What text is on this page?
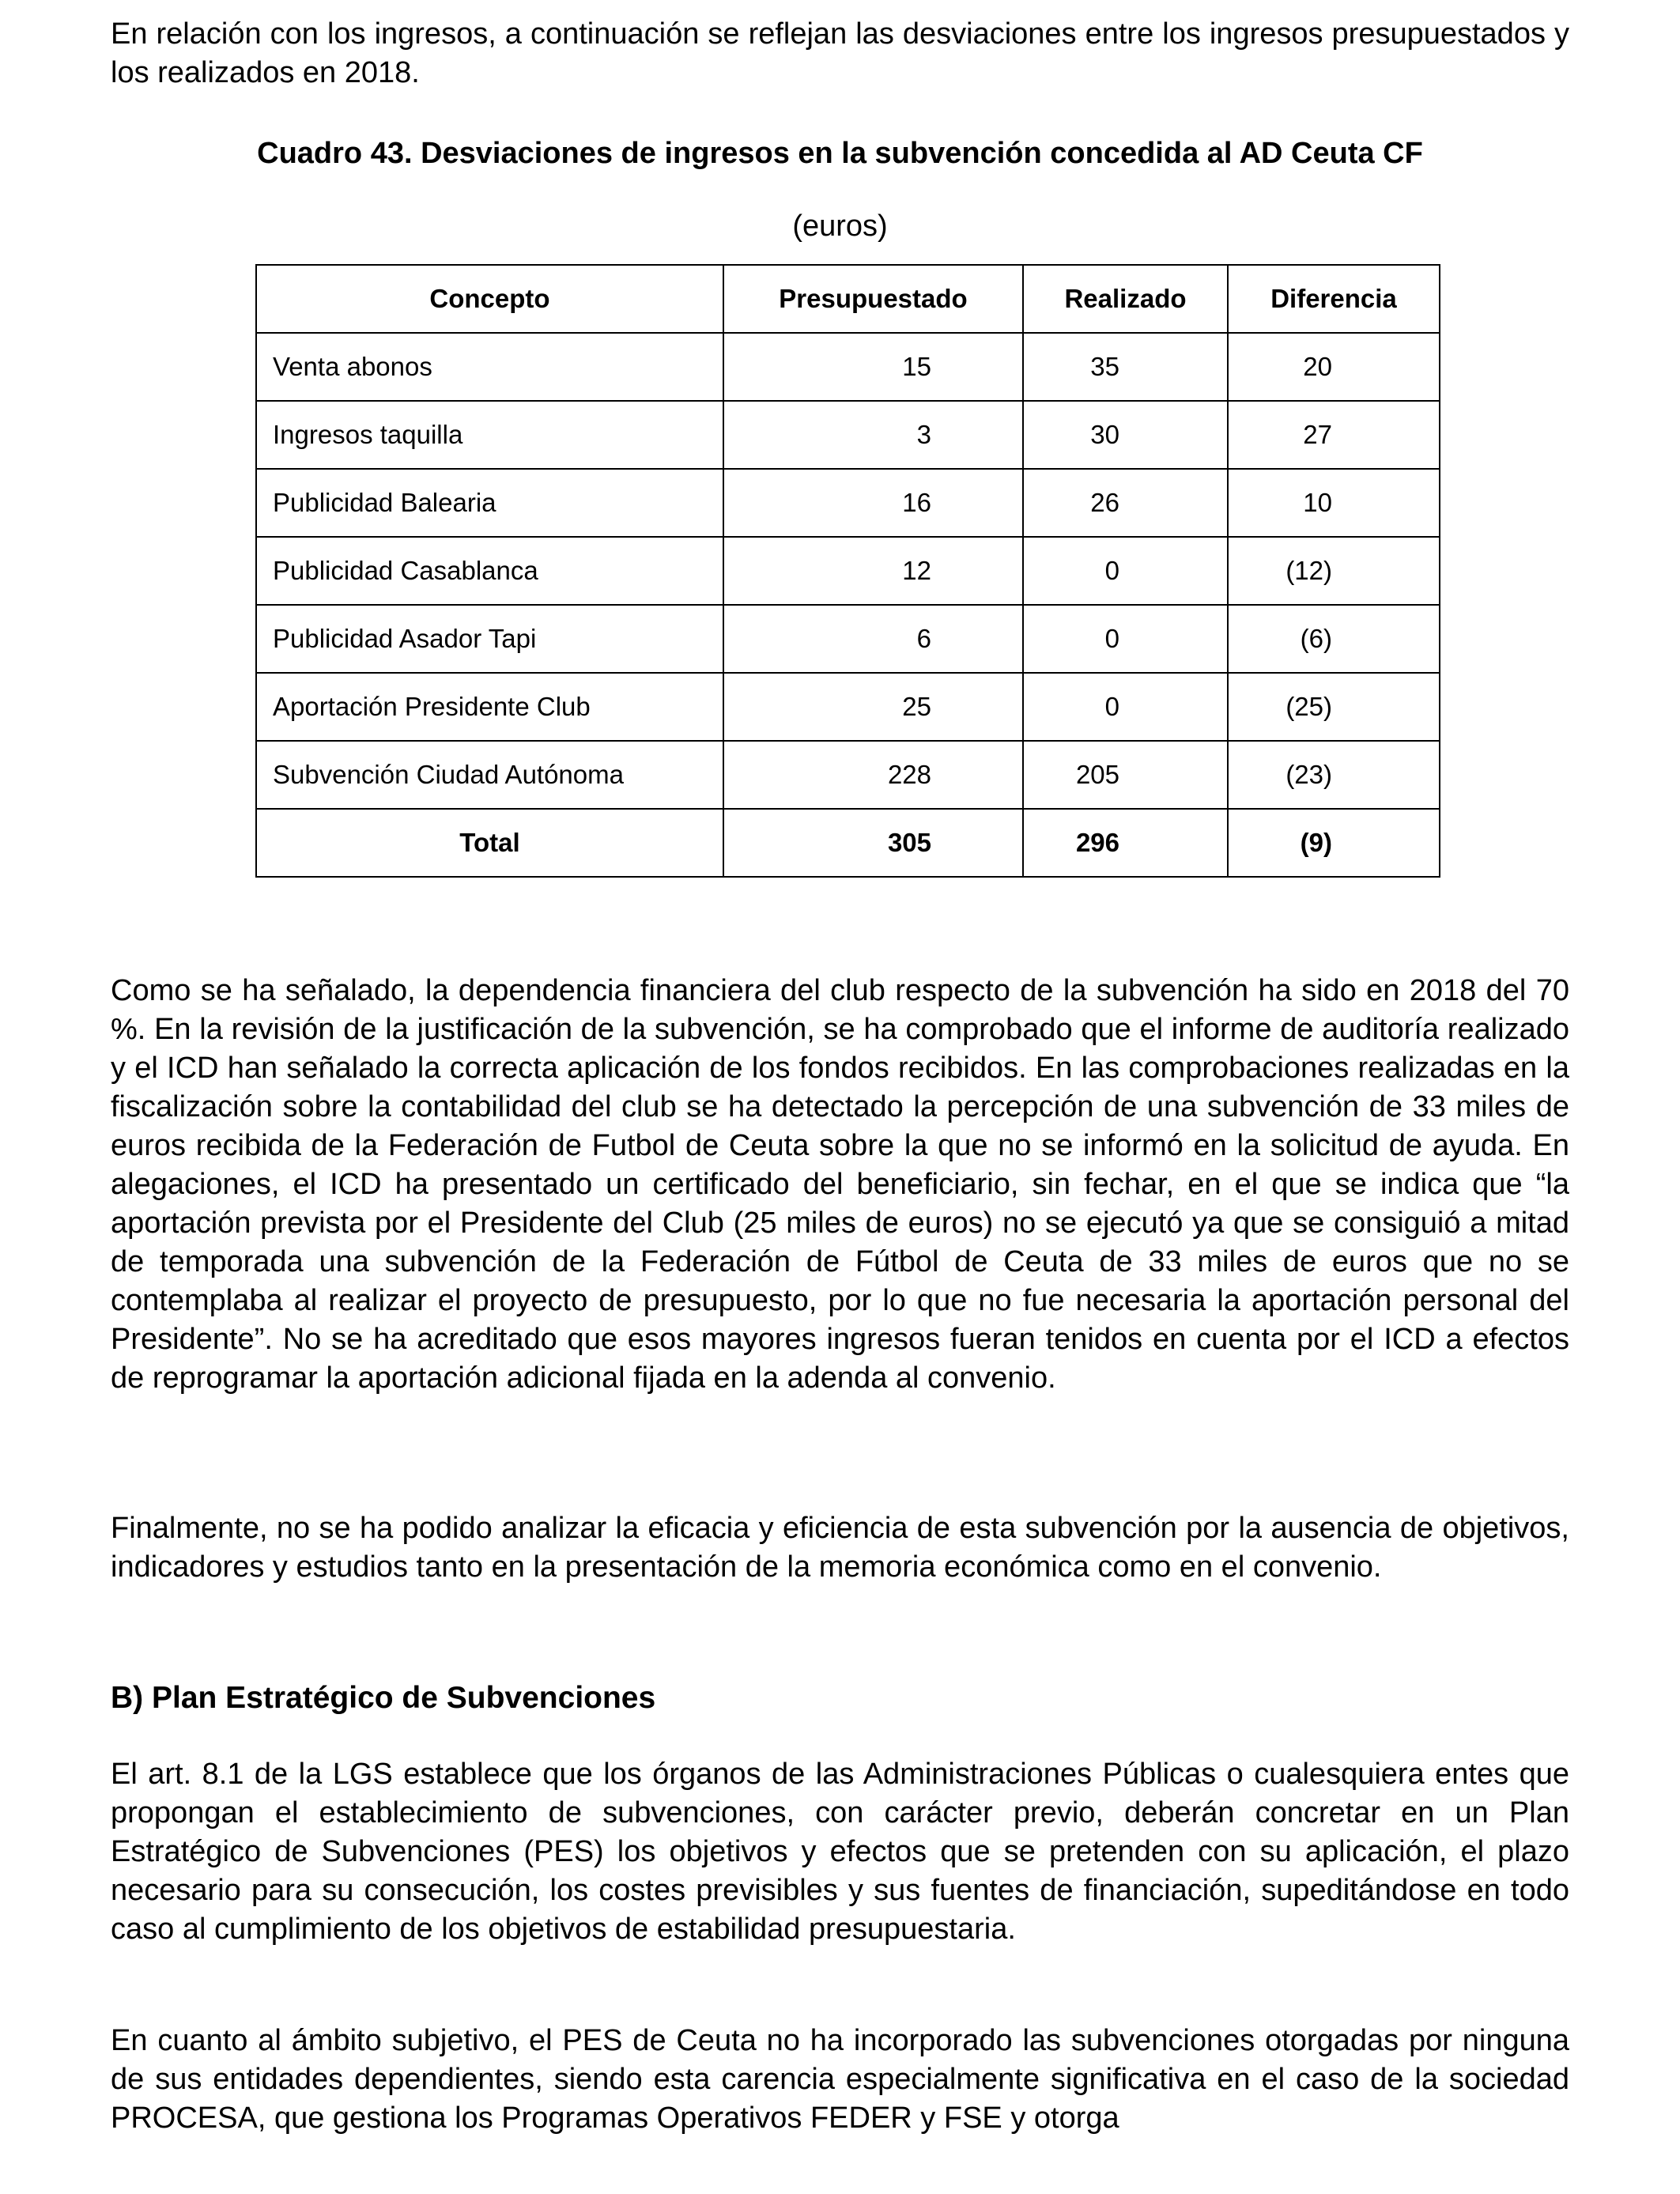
En relación con los ingresos, a continuación se reflejan las desviaciones entre los ingresos presupuestados y los realizados en 2018.

Cuadro 43. Desviaciones de ingresos en la subvención concedida al AD Ceuta CF

(euros)

Concepto	Presupuestado	Realizado	Diferencia
Venta abonos	15	35	20
Ingresos taquilla	3	30	27
Publicidad Balearia	16	26	10
Publicidad Casablanca	12	0	(12)
Publicidad Asador Tapi	6	0	(6)
Aportación Presidente Club	25	0	(25)
Subvención Ciudad Autónoma	228	205	(23)
Total	305	296	(9)

Como se ha señalado, la dependencia financiera del club respecto de la subvención ha sido en 2018 del 70 %. En la revisión de la justificación de la subvención, se ha comprobado que el informe de auditoría realizado y el ICD han señalado la correcta aplicación de los fondos recibidos. En las comprobaciones realizadas en la fiscalización sobre la contabilidad del club se ha detectado la percepción de una subvención de 33 miles de euros recibida de la Federación de Futbol de Ceuta sobre la que no se informó en la solicitud de ayuda. En alegaciones, el ICD ha presentado un certificado del beneficiario, sin fechar, en el que se indica que “la aportación prevista por el Presidente del Club (25 miles de euros) no se ejecutó ya que se consiguió a mitad de temporada una subvención de la Federación de Fútbol de Ceuta de 33 miles de euros que no se contemplaba al realizar el proyecto de presupuesto, por lo que no fue necesaria la aportación personal del Presidente”. No se ha acreditado que esos mayores ingresos fueran tenidos en cuenta por el ICD a efectos de reprogramar la aportación adicional fijada en la adenda al convenio.

Finalmente, no se ha podido analizar la eficacia y eficiencia de esta subvención por la ausencia de objetivos, indicadores y estudios tanto en la presentación de la memoria económica como en el convenio.

B) Plan Estratégico de Subvenciones

El art. 8.1 de la LGS establece que los órganos de las Administraciones Públicas o cualesquiera entes que propongan el establecimiento de subvenciones, con carácter previo, deberán concretar en un Plan Estratégico de Subvenciones (PES) los objetivos y efectos que se pretenden con su aplicación, el plazo necesario para su consecución, los costes previsibles y sus fuentes de financiación, supeditándose en todo caso al cumplimiento de los objetivos de estabilidad presupuestaria.

En cuanto al ámbito subjetivo, el PES de Ceuta no ha incorporado las subvenciones otorgadas por ninguna de sus entidades dependientes, siendo esta carencia especialmente significativa en el caso de la sociedad PROCESA, que gestiona los Programas Operativos FEDER y FSE y otorga
